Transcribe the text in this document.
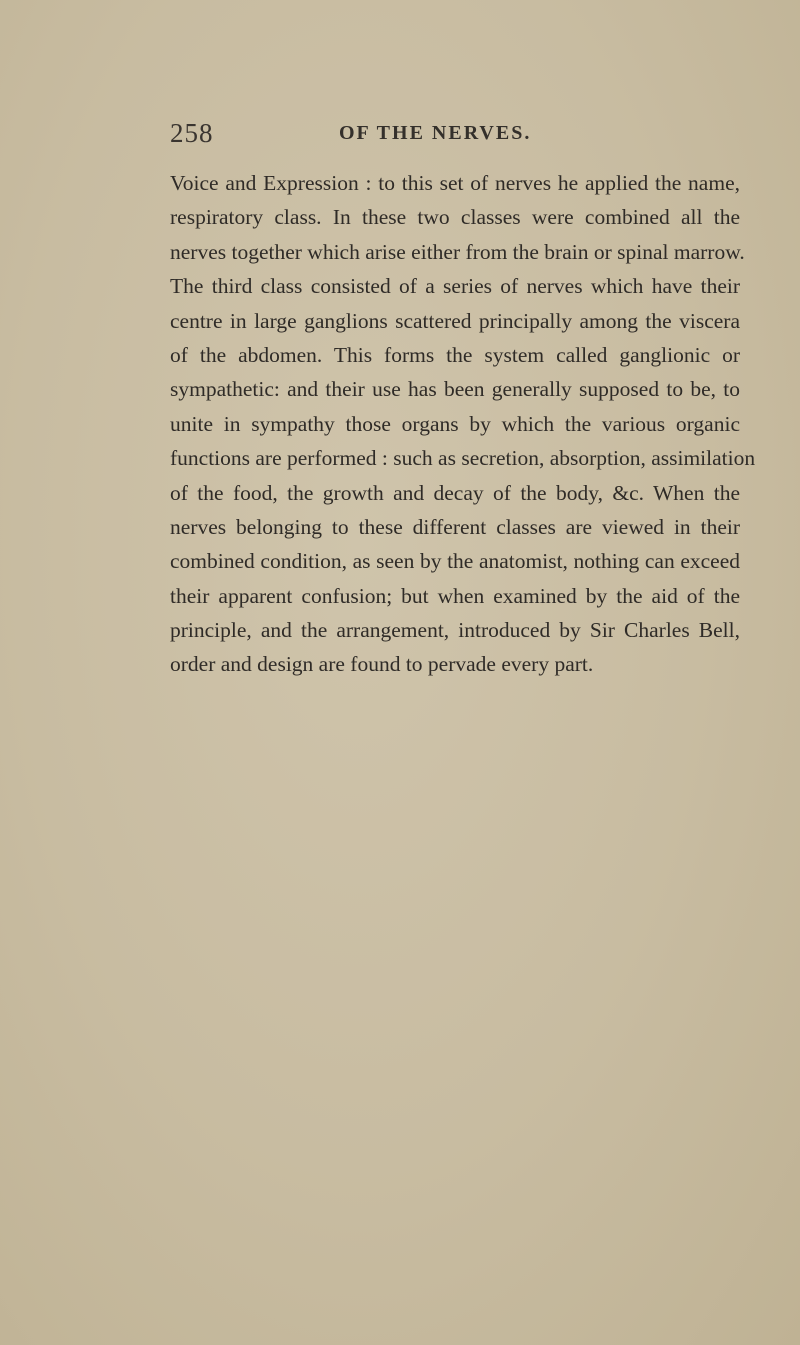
258	OF THE NERVES.
Voice and Expression : to this set of nerves he applied the name,
respiratory class. In these two classes were combined all the
nerves together which arise either from the brain or spinal marrow.
The third class consisted of a series of nerves which have their
centre in large ganglions scattered principally among the viscera
of the abdomen. This forms the system called ganglionic or
sympathetic: and their use has been generally supposed to be, to
unite in sympathy those organs by which the various organic
functions are performed : such as secretion, absorption, assimilation
of the food, the growth and decay of the body, &c. When the
nerves belonging to these different classes are viewed in their
combined condition, as seen by the anatomist, nothing can exceed
their apparent confusion; but when examined by the aid of the
principle, and the arrangement, introduced by Sir Charles Bell,
order and design are found to pervade every part.
